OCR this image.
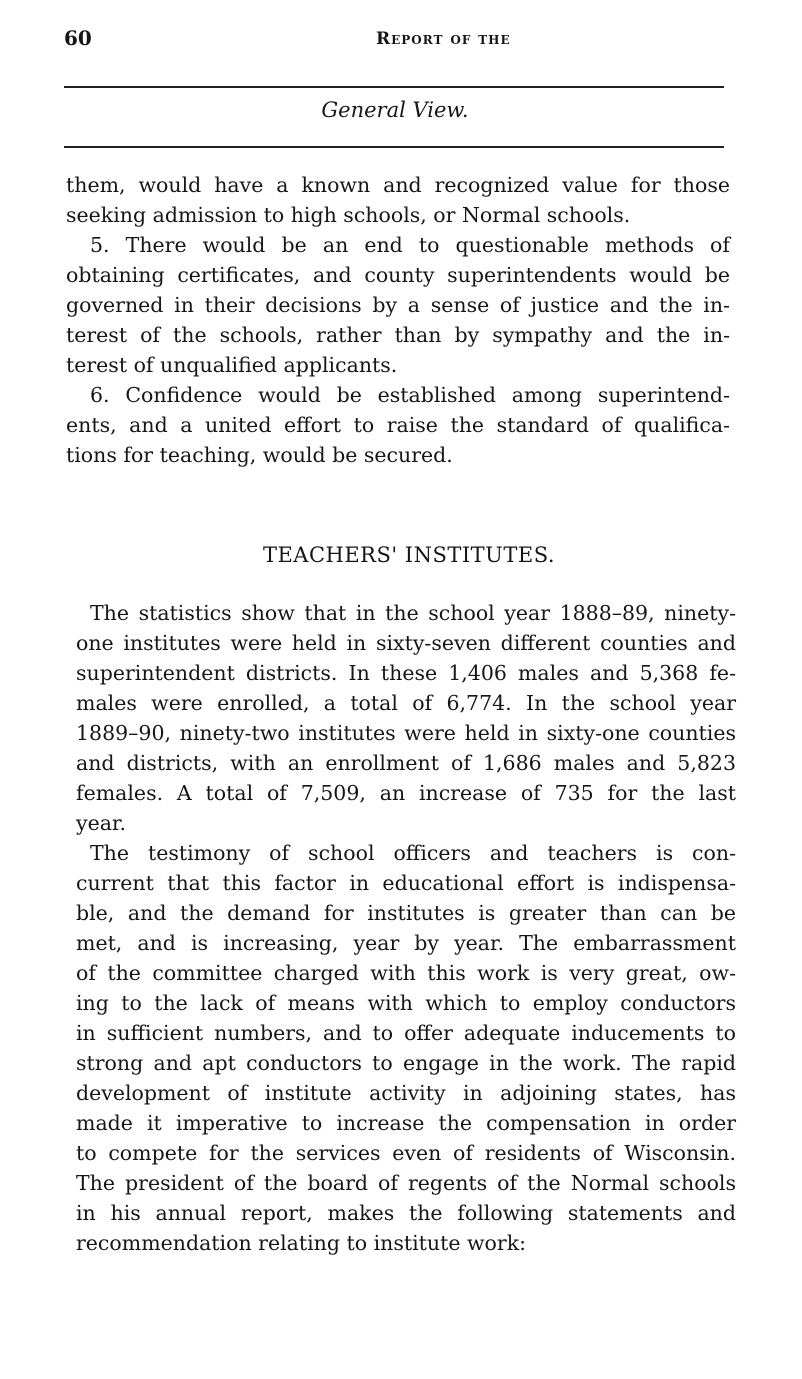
60	Report of the
General View.
them, would have a known and recognized value for those
seeking admission to high schools, or Normal schools.
5. There would be an end to questionable methods of
obtaining certificates, and county superintendents would be
governed in their decisions by a sense of justice and the in-
terest of the schools, rather than by sympathy and the in-
terest of unqualified applicants.
6. Confidence would be established among superintend-
ents, and a united effort to raise the standard of qualifica-
tions for teaching, would be secured.
TEACHERS' INSTITUTES.
The statistics show that in the school year 1888–89, ninety-
one institutes were held in sixty-seven different counties and
superintendent districts. In these 1,406 males and 5,368 fe-
males were enrolled, a total of 6,774. In the school year
1889–90, ninety-two institutes were held in sixty-one counties
and districts, with an enrollment of 1,686 males and 5,823
females. A total of 7,509, an increase of 735 for the last
year.
The testimony of school officers and teachers is con-
current that this factor in educational effort is indispensa-
ble, and the demand for institutes is greater than can be
met, and is increasing, year by year. The embarrassment
of the committee charged with this work is very great, ow-
ing to the lack of means with which to employ conductors
in sufficient numbers, and to offer adequate inducements to
strong and apt conductors to engage in the work. The rapid
development of institute activity in adjoining states, has
made it imperative to increase the compensation in order
to compete for the services even of residents of Wisconsin.
The president of the board of regents of the Normal schools
in his annual report, makes the following statements and
recommendation relating to institute work:
